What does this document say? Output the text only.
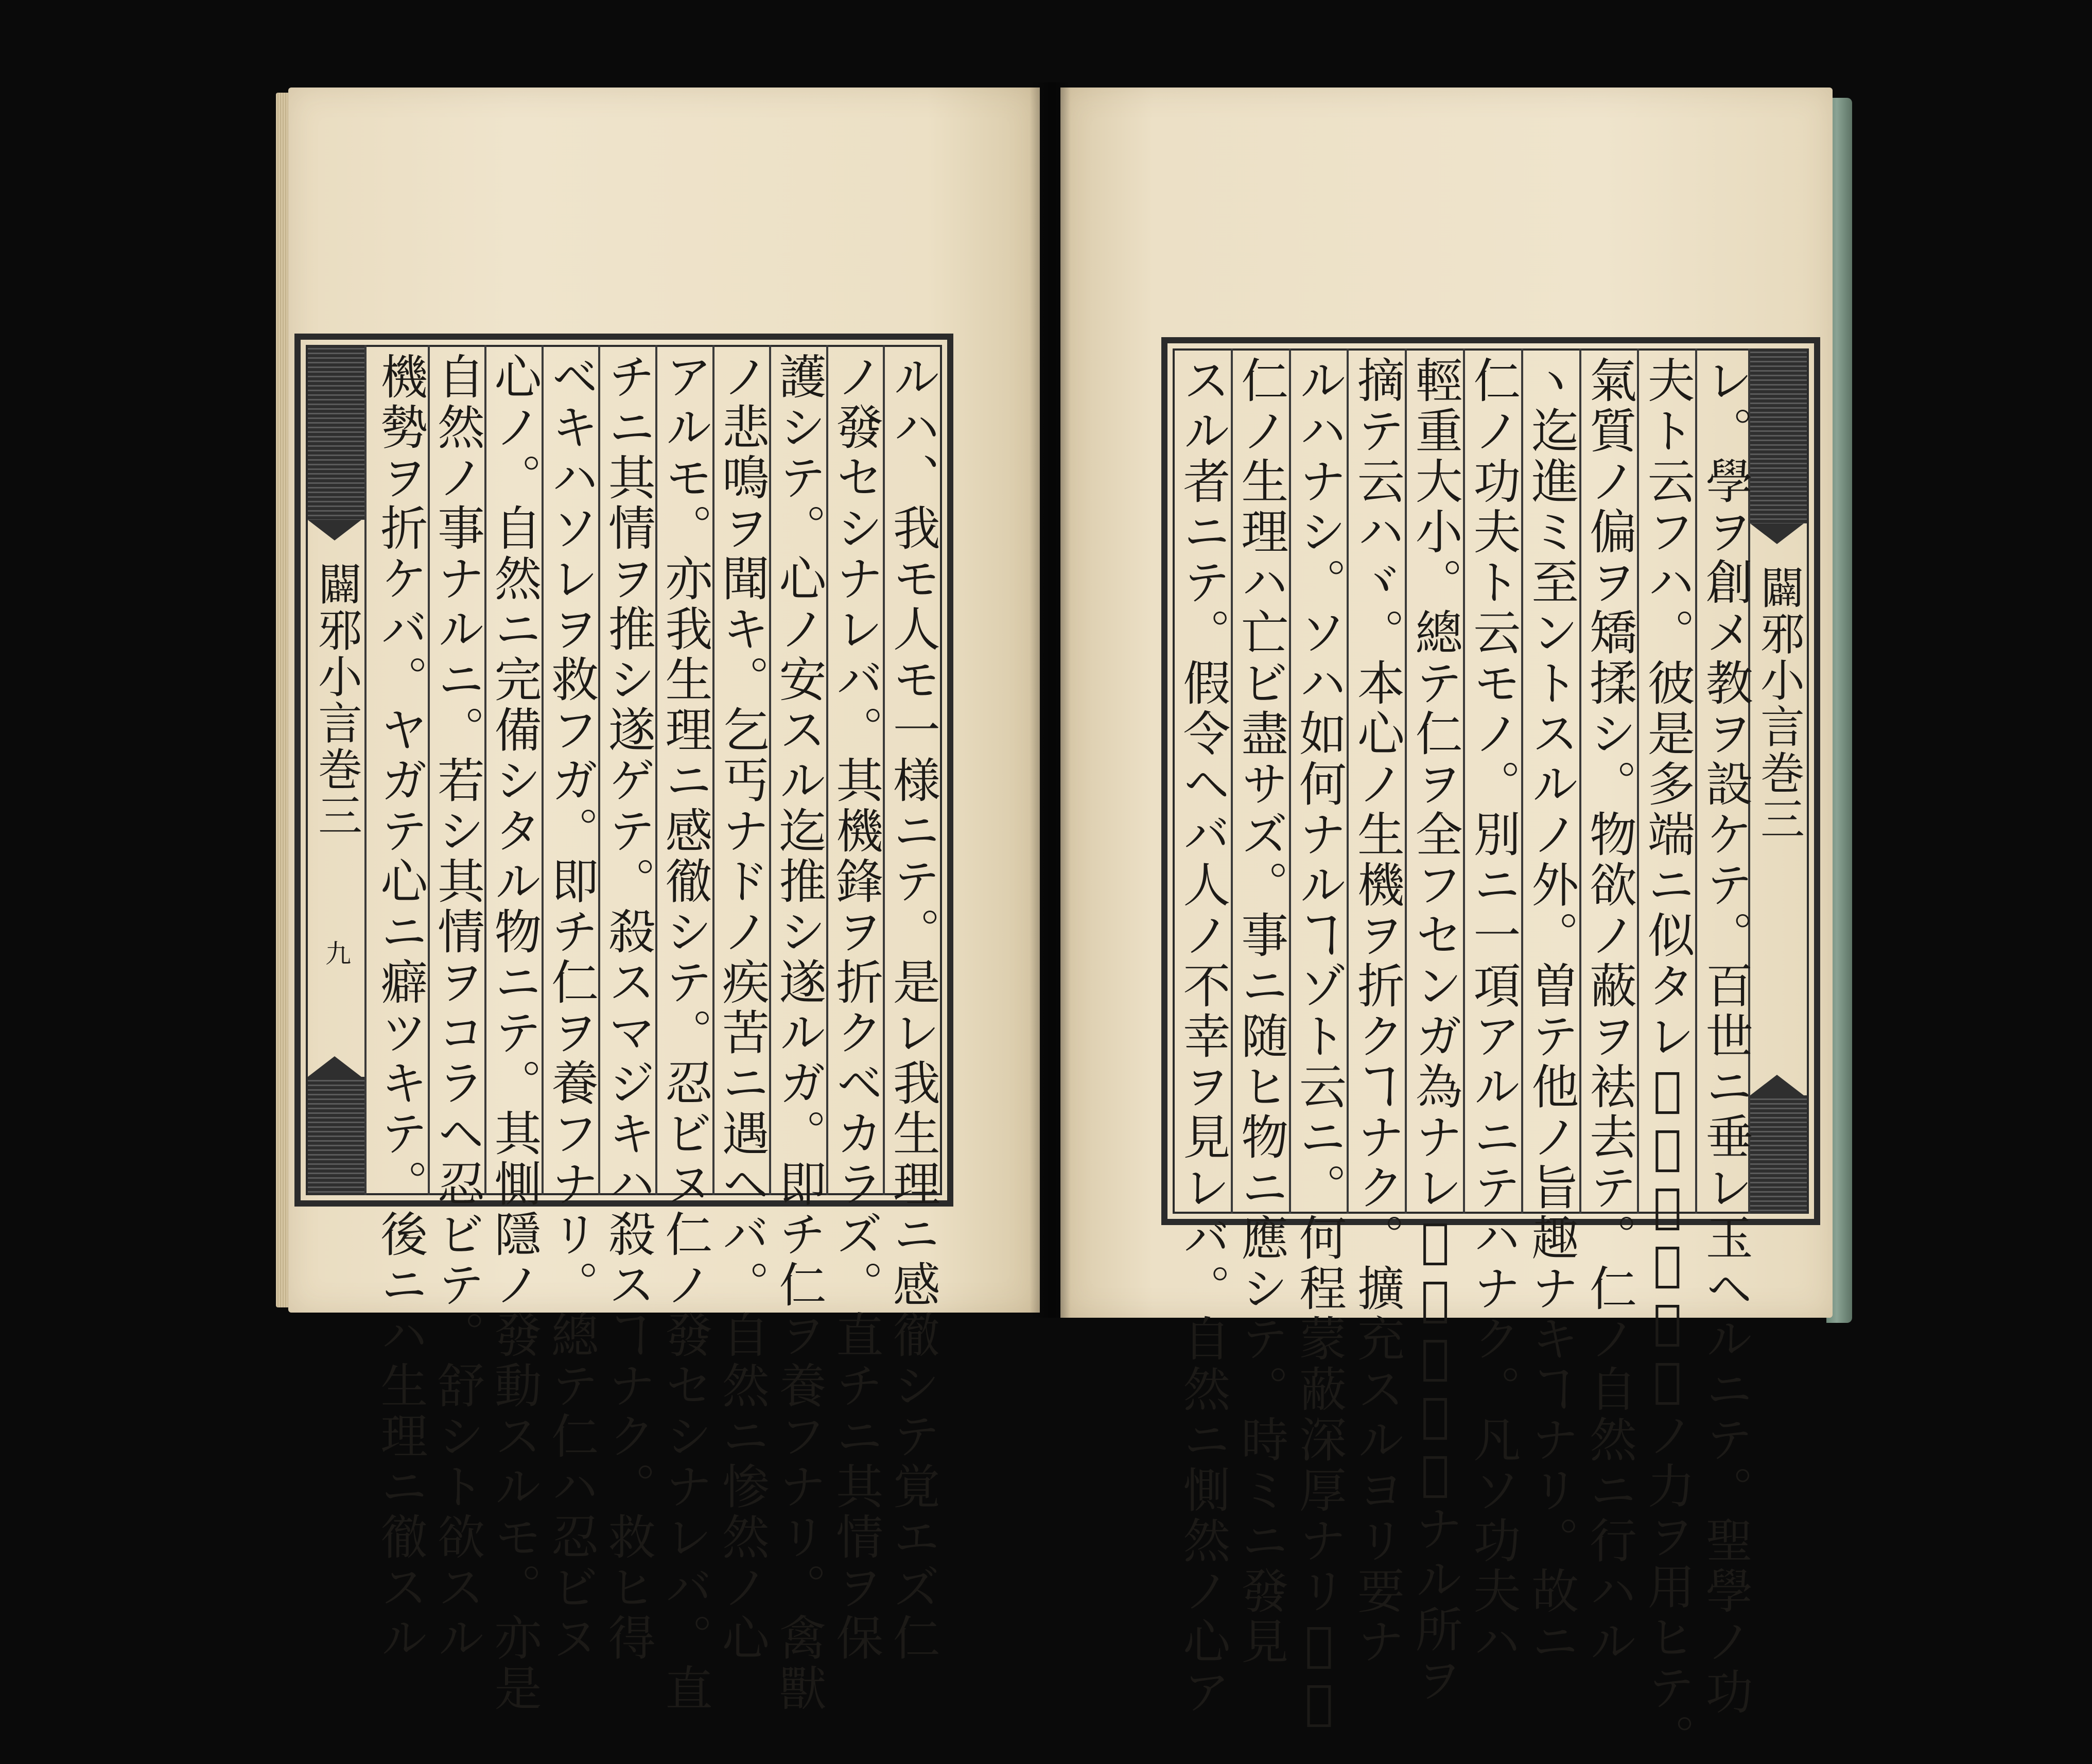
闢邪小言巻三
九	ルハ、我モ人モ一様ニテ。是レ我生理ニ感徹シテ覚エズ仁
ノ發セシナレバ。其機鋒ヲ折クベカラズ。直チニ其情ヲ保
護シテ。心ノ安スル迄推シ遂ルガ。即チ仁ヲ養フナリ。禽獸
ノ悲鳴ヲ聞キ。乞丐ナドノ疾苦ニ遇ヘバ。自然ニ惨然ノ心
アルモ。亦我生理ニ感徹シテ。忍ビヌ仁ノ發セシナレバ。直
チニ其情ヲ推シ遂ゲテ。殺スマジキハ殺スヿナク。救ヒ得
ベキハソレヲ救フガ。即チ仁ヲ養フナリ。總テ仁ハ忍ビヌ
心ノ。自然ニ完備シタル物ニテ。其惻隱ノ發動スルモ。亦是
自然ノ事ナルニ。若シ其情ヲコラヘ忍ビテ。舒シト欲スル
機勢ヲ折ケバ。ヤガテ心ニ癖ツキテ。後ニハ生理ニ徹スル	闢邪小言巻三
レ。學ヲ創メ教ヲ設ケテ。百世ニ垂レ玉ヘルニテ。聖學ノ功
夫ト云フハ。彼是多端ニ似タレ𪜈。畢竟勉強ノ力ヲ用ヒテ。
氣質ノ偏ヲ矯揉シ。物欲ノ蔽ヲ袪去テ。仁ノ自然ニ行ハル
ヽ迄進ミ至ントスルノ外。曽テ他ノ旨趣ナキヿナリ。故ニ
仁ノ功夫ト云モノ。別ニ一項アルニテハナク。凡ソ功夫ハ
輕重大小。總テ仁ヲ全フセンガ為ナレ𪜈。今其切ナル所ヲ
摘テ云ハヾ。本心ノ生機ヲ折クヿナク。擴充スルヨリ要ナ
ルハナシ。ソハ如何ナルヿゾト云ニ。何程蒙蔽深厚ナリ𪜈。
仁ノ生理ハ亡ビ盡サズ。事ニ随ヒ物ニ應シテ。時ミニ發見
スル者ニテ。假令ヘバ人ノ不幸ヲ見レバ。自然ニ惻然ノ心ア
